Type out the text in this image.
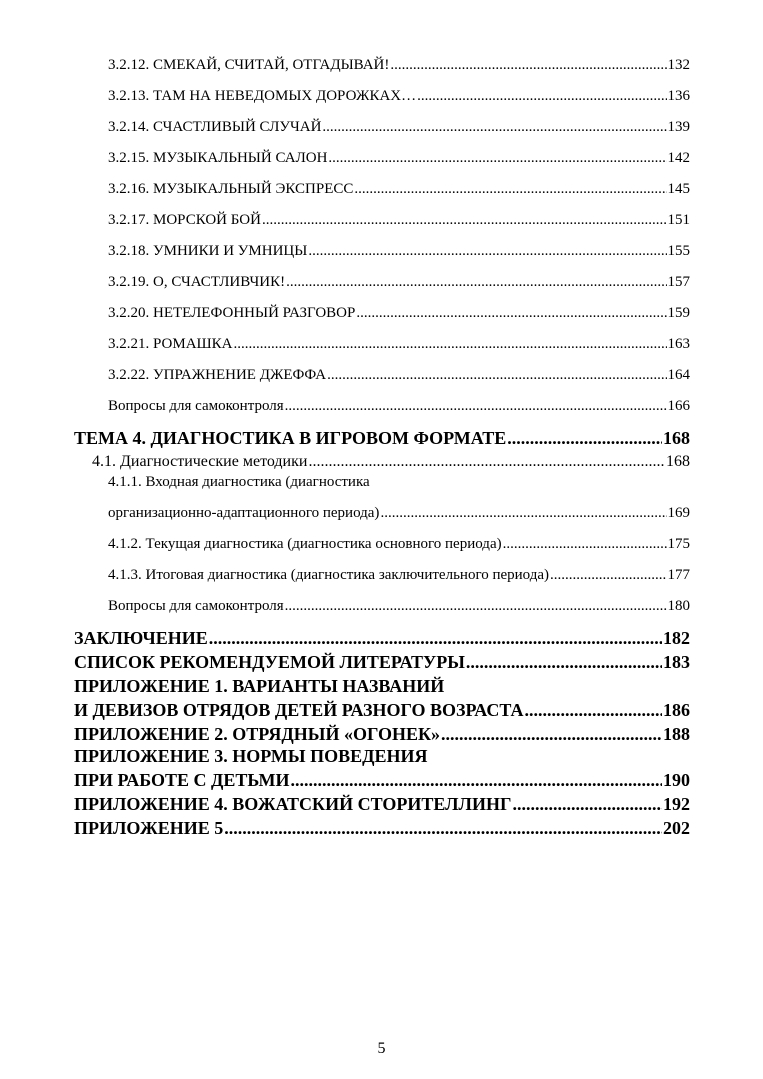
3.2.12. СМЕКАЙ, СЧИТАЙ, ОТГАДЫВАЙ! .....	132
3.2.13. ТАМ НА НЕВЕДОМЫХ ДОРОЖКАХ… .....	136
3.2.14. СЧАСТЛИВЫЙ СЛУЧАЙ .....	139
3.2.15. МУЗЫКАЛЬНЫЙ САЛОН .....	142
3.2.16. МУЗЫКАЛЬНЫЙ ЭКСПРЕСС .....	145
3.2.17. МОРСКОЙ БОЙ .....	151
3.2.18. УМНИКИ И УМНИЦЫ .....	155
3.2.19. О, СЧАСТЛИВЧИК! .....	157
3.2.20. НЕТЕЛЕФОННЫЙ РАЗГОВОР .....	159
3.2.21. РОМАШКА .....	163
3.2.22. УПРАЖНЕНИЕ ДЖЕФФА .....	164
Вопросы для самоконтроля .....	166
ТЕМА 4. ДИАГНОСТИКА В ИГРОВОМ ФОРМАТЕ .....	168
4.1. Диагностические методики .....	168
4.1.1. Входная диагностика (диагностика
организационно-адаптационного периода) .....	169
4.1.2. Текущая диагностика (диагностика основного периода) .....	175
4.1.3. Итоговая диагностика (диагностика заключительного периода) .....	177
Вопросы для самоконтроля .....	180
ЗАКЛЮЧЕНИЕ .....	182
СПИСОК РЕКОМЕНДУЕМОЙ ЛИТЕРАТУРЫ .....	183
ПРИЛОЖЕНИЕ 1. ВАРИАНТЫ НАЗВАНИЙ
И ДЕВИЗОВ ОТРЯДОВ ДЕТЕЙ РАЗНОГО ВОЗРАСТА .....	186
ПРИЛОЖЕНИЕ 2. ОТРЯДНЫЙ «ОГОНЕК» .....	188
ПРИЛОЖЕНИЕ 3. НОРМЫ ПОВЕДЕНИЯ
ПРИ РАБОТЕ С ДЕТЬМИ .....	190
ПРИЛОЖЕНИЕ 4. ВОЖАТСКИЙ СТОРИТЕЛЛИНГ .....	192
ПРИЛОЖЕНИЕ 5 .....	202
5
